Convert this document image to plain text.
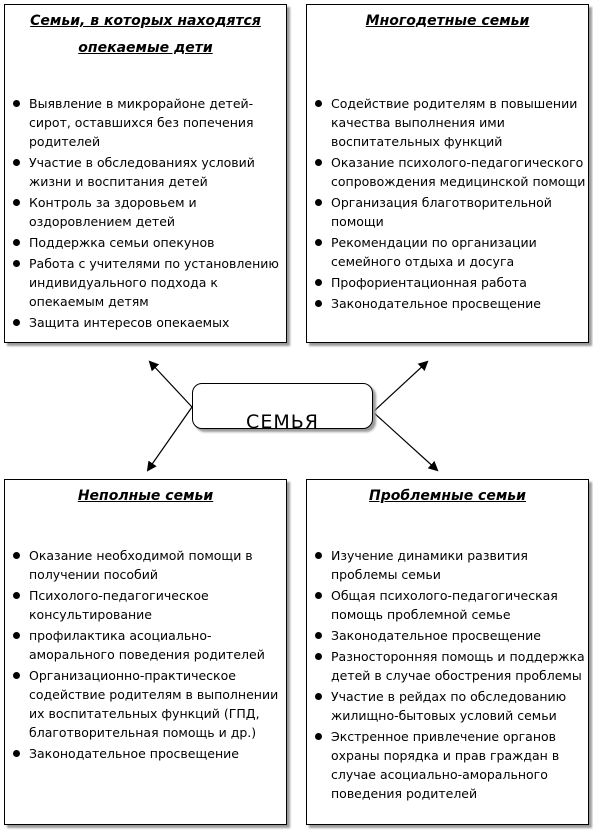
Семьи, в которых находятся опекаемые дети
Выявление в микрорайоне детей-сирот, оставшихся без попечения родителей
Участие в обследованиях условий жизни и воспитания детей
Контроль за здоровьем и оздоровлением детей
Поддержка семьи опекунов
Работа с учителями по установлению индивидуального подхода к опекаемым детям
Защита интересов опекаемых
Многодетные семьи
Содействие родителям в повышении качества выполнения ими воспитательных функций
Оказание психолого-педагогического сопровождения медицинской помощи
Организация благотворительной помощи
Рекомендации по организации семейного отдыха и досуга
Профориентационная работа
Законодательное просвещение
СЕМЬЯ
Неполные семьи
Оказание необходимой помощи в получении пособий
Психолого-педагогическое консультирование
профилактика асоциально-аморального поведения родителей
Организационно-практическое содействие родителям в выполнении их воспитательных функций (ГПД, благотворительная помощь и др.)
Законодательное просвещение
Проблемные семьи
Изучение динамики развития проблемы семьи
Общая психолого-педагогическая помощь проблемной семье
Законодательное просвещение
Разносторонняя помощь и поддержка детей в случае обострения проблемы
Участие в рейдах по обследованию жилищно-бытовых условий семьи
Экстренное привлечение органов охраны порядка и прав граждан в случае асоциально-аморального поведения родителей
